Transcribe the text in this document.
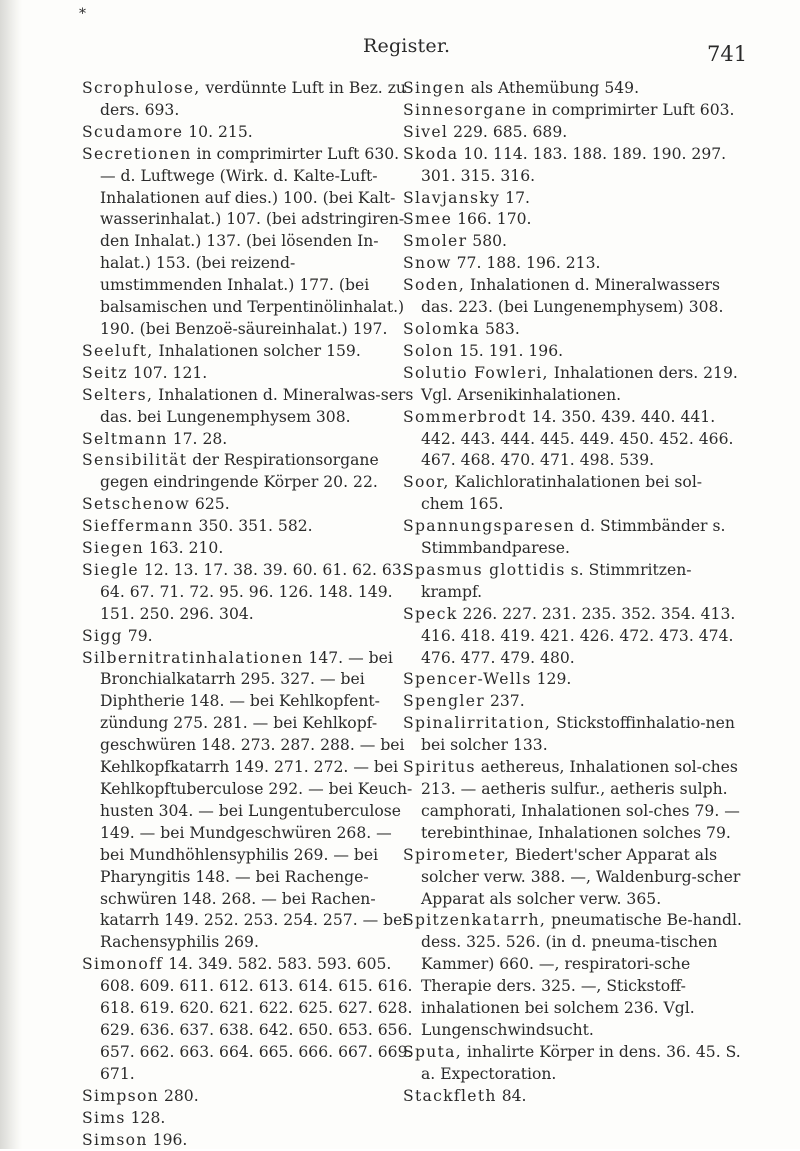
*
Register.	741

Scrophulose, verdünnte Luft in Bez. zu ders. 693.

Scudamore 10. 215.

Secretionen in comprimirter Luft 630. — d. Luftwege (Wirk. d. Kalte-Luft-Inhalationen auf dies.) 100. (bei Kalt-wasserinhalat.) 107. (bei adstringiren-den Inhalat.) 137. (bei lösenden In-halat.) 153. (bei reizend-umstimmenden Inhalat.) 177. (bei balsamischen und Terpentinölinhalat.) 190. (bei Benzoë-säureinhalat.) 197.

Seeluft, Inhalationen solcher 159.

Seitz 107. 121.

Selters, Inhalationen d. Mineralwas-sers das. bei Lungenemphysem 308.

Seltmann 17. 28.

Sensibilität der Respirationsorgane gegen eindringende Körper 20. 22.

Setschenow 625.

Sieffermann 350. 351. 582.

Siegen 163. 210.

Siegle 12. 13. 17. 38. 39. 60. 61. 62. 63. 64. 67. 71. 72. 95. 96. 126. 148. 149. 151. 250. 296. 304.

Sigg 79.

Silbernitratinhalationen 147. — bei Bronchialkatarrh 295. 327. — bei Diphtherie 148. — bei Kehlkopfent-zündung 275. 281. — bei Kehlkopf-geschwüren 148. 273. 287. 288. — bei Kehlkopfkatarrh 149. 271. 272. — bei Kehlkopftuberculose 292. — bei Keuch-husten 304. — bei Lungentuberculose 149. — bei Mundgeschwüren 268. — bei Mundhöhlensyphilis 269. — bei Pharyngitis 148. — bei Rachenge-schwüren 148. 268. — bei Rachen-katarrh 149. 252. 253. 254. 257. — bei Rachensyphilis 269.

Simonoff 14. 349. 582. 583. 593. 605. 608. 609. 611. 612. 613. 614. 615. 616. 618. 619. 620. 621. 622. 625. 627. 628. 629. 636. 637. 638. 642. 650. 653. 656. 657. 662. 663. 664. 665. 666. 667. 669. 671.

Simpson 280.

Sims 128.

Simson 196.

Singen als Athemübung 549.

Sinnesorgane in comprimirter Luft 603.

Sivel 229. 685. 689.

Skoda 10. 114. 183. 188. 189. 190. 297. 301. 315. 316.

Slavjansky 17.

Smee 166. 170.

Smoler 580.

Snow 77. 188. 196. 213.

Soden, Inhalationen d. Mineralwassers das. 223. (bei Lungenemphysem) 308.

Solomka 583.

Solon 15. 191. 196.

Solutio Fowleri, Inhalationen ders. 219. Vgl. Arsenikinhalationen.

Sommerbrodt 14. 350. 439. 440. 441. 442. 443. 444. 445. 449. 450. 452. 466. 467. 468. 470. 471. 498. 539.

Soor, Kalichloratinhalationen bei sol-chem 165.

Spannungsparesen d. Stimmbänder s. Stimmbandparese.

Spasmus glottidis s. Stimmritzen-krampf.

Speck 226. 227. 231. 235. 352. 354. 413. 416. 418. 419. 421. 426. 472. 473. 474. 476. 477. 479. 480.

Spencer-Wells 129.

Spengler 237.

Spinalirritation, Stickstoffinhalatio-nen bei solcher 133.

Spiritus aethereus, Inhalationen sol-ches 213. — aetheris sulfur., aetheris sulph. camphorati, Inhalationen sol-ches 79. — terebinthinae, Inhalationen solches 79.

Spirometer, Biedert'scher Apparat als solcher verw. 388. —, Waldenburg-scher Apparat als solcher verw. 365.

Spitzenkatarrh, pneumatische Be-handl. dess. 325. 526. (in d. pneuma-tischen Kammer) 660. —, respiratori-sche Therapie ders. 325. —, Stickstoff-inhalationen bei solchem 236. Vgl. Lungenschwindsucht.

Sputa, inhalirte Körper in dens. 36. 45. S. a. Expectoration.

Stackfleth 84.
